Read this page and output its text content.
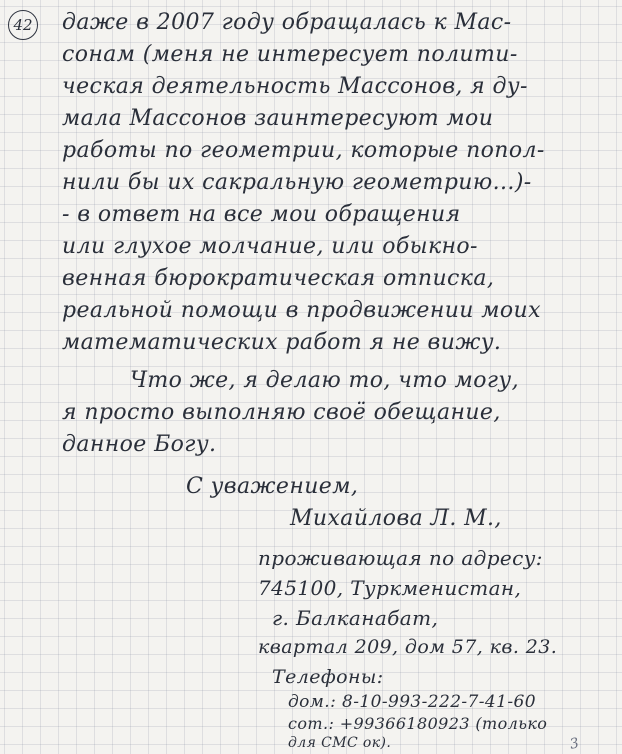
42 даже в 2007 году обращалась к Мас-
сонам (меня не интересует полити-
ческая деятельность Массонов, я ду-
мала Массонов заинтересуют мои
работы по геометрии, которые попол-
нили бы их сакральную геометрию...)-
- в ответ на все мои обращения
или глухое молчание, или обыкно-
венная бюрократическая отписка,
реальной помощи в продвижении моих
математических работ я не вижу.
Что же, я делаю то, что могу,
я просто выполняю своё обещание,
данное Богу.
С уважением,
Михайлова Л. М.,
проживающая по адресу:
745100, Туркменистан,
г. Балканабат,
квартал 209, дом 57, кв. 23.
Телефоны:
дом.: 8-10-993-222-7-41-60
сот.: +99366180923 (только
для СМС ок).	3
